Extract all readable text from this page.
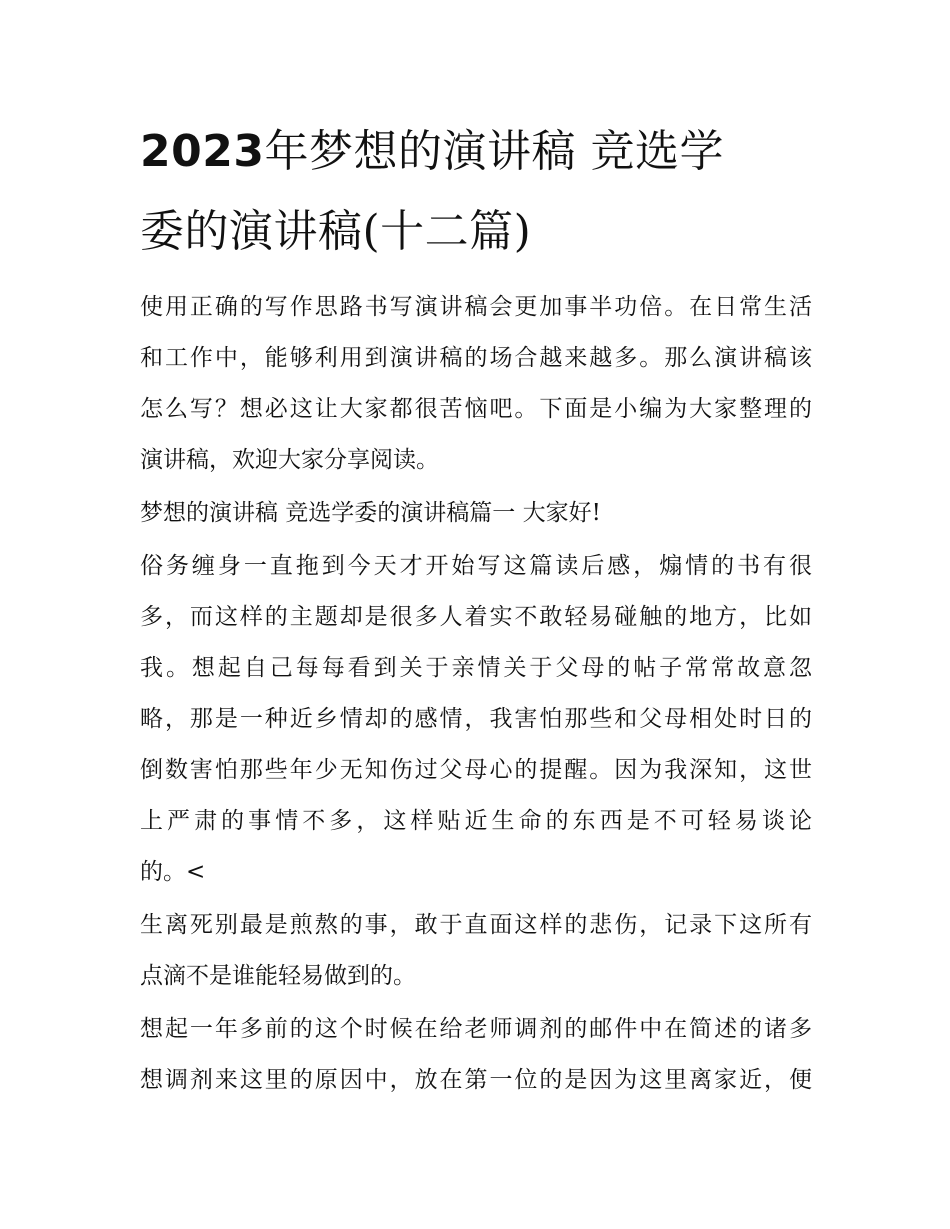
2023年梦想的演讲稿 竞选学
委的演讲稿(十二篇)

使用正确的写作思路书写演讲稿会更加事半功倍。在日常生活
和工作中，能够利用到演讲稿的场合越来越多。那么演讲稿该
怎么写？想必这让大家都很苦恼吧。下面是小编为大家整理的
演讲稿，欢迎大家分享阅读。

梦想的演讲稿 竞选学委的演讲稿篇一 大家好!

俗务缠身一直拖到今天才开始写这篇读后感，煽情的书有很
多，而这样的主题却是很多人着实不敢轻易碰触的地方，比如
我。想起自己每每看到关于亲情关于父母的帖子常常故意忽
略，那是一种近乡情却的感情，我害怕那些和父母相处时日的
倒数害怕那些年少无知伤过父母心的提醒。因为我深知，这世
上严肃的事情不多，这样贴近生命的东西是不可轻易谈论
的。<

生离死别最是煎熬的事，敢于直面这样的悲伤，记录下这所有
点滴不是谁能轻易做到的。

想起一年多前的这个时候在给老师调剂的邮件中在简述的诸多
想调剂来这里的原因中，放在第一位的是因为这里离家近，便
